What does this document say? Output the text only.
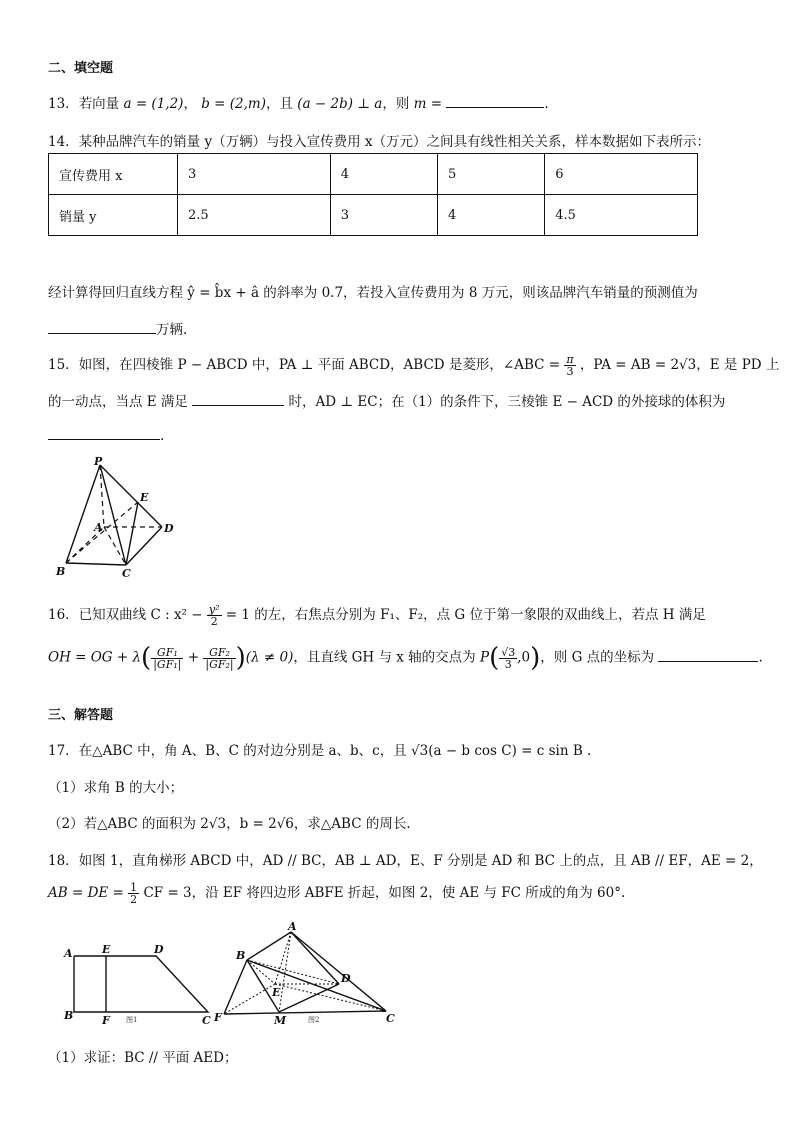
二、填空题
13．若向量 a = (1,2)， b = (2,m)，且 (a − 2b) ⊥ a，则 m =	.
14．某种品牌汽车的销量 y（万辆）与投入宣传费用 x（万元）之间具有线性相关关系，样本数据如下表所示：
宣传费用 x	3	4	5	6
销量 y	2.5	3	4	4.5
经计算得回归直线方程 ŷ = b̂x + â 的斜率为 0.7，若投入宣传费用为 8 万元，则该品牌汽车销量的预测值为
万辆.
15．如图，在四棱锥 P − ABCD 中，PA ⊥ 平面 ABCD，ABCD 是菱形，∠ABC = $\frac{\pi}{3}$ ，PA = AB = 2√3，E 是 PD 上
的一动点，当点 E 满足	时，AD ⊥ EC；在（1）的条件下，三棱锥 E − ACD 的外接球的体积为
.
P
E
A	D
B	C
16．已知双曲线 C : $x^2 - \frac{\text{y²}}{2} = 1$ 的左，右焦点分别为 F₁、F₂，点 G 位于第一象限的双曲线上，若点 H 满足
OH = OG + $\lambda( \frac{\text{GF₁}}{\text{|GF₁|}} + \frac{\text{GF₂}}{\text{|GF₂|}} )(\lambda \ne 0)$，且直线 GH 与 x 轴的交点为 $P( \frac{√3}{3} ,0)$，则 G 点的坐标为	.
三、解答题
17．在△ABC 中，角 A、B、C 的对边分别是 a、b、c，且 √3(a − b cos C) = c sin B .
（1）求角 B 的大小；
（2）若△ABC 的面积为 2√3，b = 2√6，求△ABC 的周长.
18．如图 1，直角梯形 ABCD 中，AD // BC，AB ⊥ AD，E、F 分别是 AD 和 BC 上的点，且 AB // EF，AE = 2，
AB = DE = $\frac{1}{2}$ CF = 3，沿 EF 将四边形 ABFE 折起，如图 2，使 AE 与 FC 所成的角为 60°.
A	E	D
B	F	C
图1
A
B
D
E
F	M	C
图2
（1）求证：BC // 平面 AED；
